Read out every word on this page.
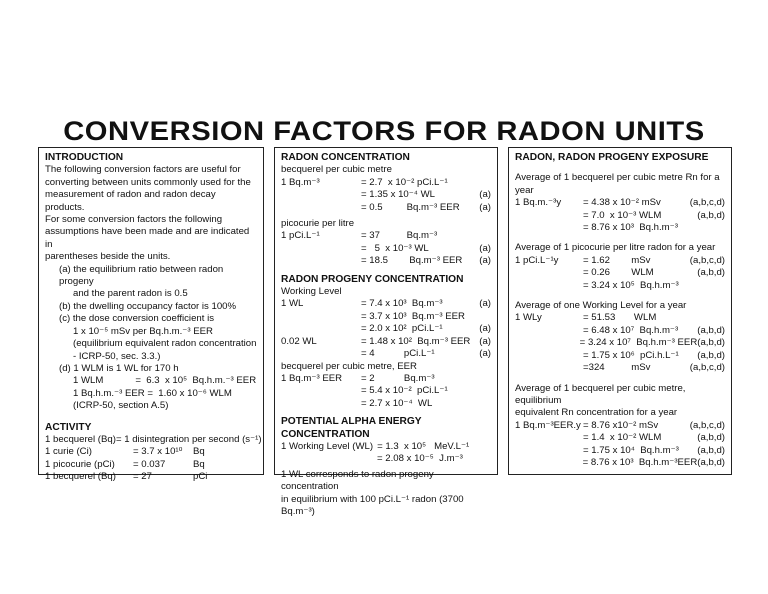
CONVERSION FACTORS FOR RADON UNITS
INTRODUCTION

The following conversion factors are useful for

converting between units commonly used for the

measurement of radon and radon decay products.

For some conversion factors the following

assumptions have been made and are indicated in

parentheses beside the units.

(a) the equilibrium ratio between radon progeny

and the parent radon is 0.5

(b) the dwelling occupancy factor is 100%

(c) the dose conversion coefficient is

1 x 10⁻⁵ mSv per Bq.h.m.⁻³ EER

(equilibrium equivalent radon concentration

- ICRP-50, sec. 3.3.)

(d) 1 WLM is 1 WL for 170 h

1 WLM            =  6.3  x 10⁵  Bq.h.m.⁻³ EER

1 Bq.h.m.⁻³ EER =  1.60 x 10⁻⁶ WLM

(ICRP-50, section A.5)

ACTIVITY
1 becquerel (Bq) = 1 disintegration per second (s⁻¹)
1 curie (Ci)	= 3.7 x 10¹⁰	Bq
1 picocurie (pCi)	= 0.037	Bq
1 becquerel (Bq)	= 27	pCi
RADON CONCENTRATION

becquerel per cubic metre

1 Bq.m⁻³	= 2.7  x 10⁻² pCi.L⁻¹
= 1.35 x 10⁻⁴ WL	(a)
= 0.5         Bq.m⁻³ EER (a)

picocurie per litre

1 pCi.L⁻¹	= 37          Bq.m⁻³
=   5  x 10⁻³ WL	(a)
= 18.5        Bq.m⁻³ EER (a)
RADON PROGENY CONCENTRATION

Working Level

1 WL	= 7.4 x 10³  Bq.m⁻³	(a)
= 3.7 x 10³  Bq.m⁻³ EER
= 2.0 x 10²  pCi.L⁻¹	(a)
0.02 WL	= 1.48 x 10²  Bq.m⁻³ EER (a)
= 4           pCi.L⁻¹	(a)

becquerel per cubic metre, EER

1 Bq.m⁻³ EER	= 2           Bq.m⁻³
= 5.4 x 10⁻²  pCi.L⁻¹
= 2.7 x 10⁻⁴  WL
POTENTIAL ALPHA ENERGY CONCENTRATION
1 Working Level (WL) = 1.3  x 10⁵   MeV.L⁻¹
= 2.08 x 10⁻⁵  J.m⁻³

1 WL corresponds to radon progeny concentration

in equilibrium with 100 pCi.L⁻¹ radon (3700 Bq.m⁻³)

RADON, RADON PROGENY EXPOSURE

Average of 1 becquerel per cubic metre Rn for a year

1 Bq.m.⁻³y	= 4.38 x 10⁻² mSv	(a,b,c,d)
= 7.0  x 10⁻³ WLM	(a,b,d)
= 8.76 x 10³  Bq.h.m⁻³

Average of 1 picocurie per litre radon for a year

1 pCi.L⁻¹y	= 1.62        mSv	(a,b,c,d)
= 0.26        WLM	(a,b,d)
= 3.24 x 10⁵  Bq.h.m⁻³

Average of one Working Level for a year

1 WLy	= 51.53       WLM
= 6.48 x 10⁷  Bq.h.m⁻³ (a,b,d)
= 3.24 x 10⁷  Bq.h.m⁻³ EER (a,b,d)
= 1.75 x 10⁶  pCi.h.L⁻¹ (a,b,d)
=324          mSv	(a,b,c,d)

Average of 1 becquerel per cubic metre, equilibrium

equivalent Rn concentration for a year

1 Bq.m⁻³EER.y = 8.76 x10⁻² mSv	(a,b,c,d)
= 1.4  x 10⁻² WLM	(a,b,d)
= 1.75 x 10⁴  Bq.h.m⁻³ (a,b,d)
= 8.76 x 10³  Bq.h.m⁻³EER (a,b,d)
